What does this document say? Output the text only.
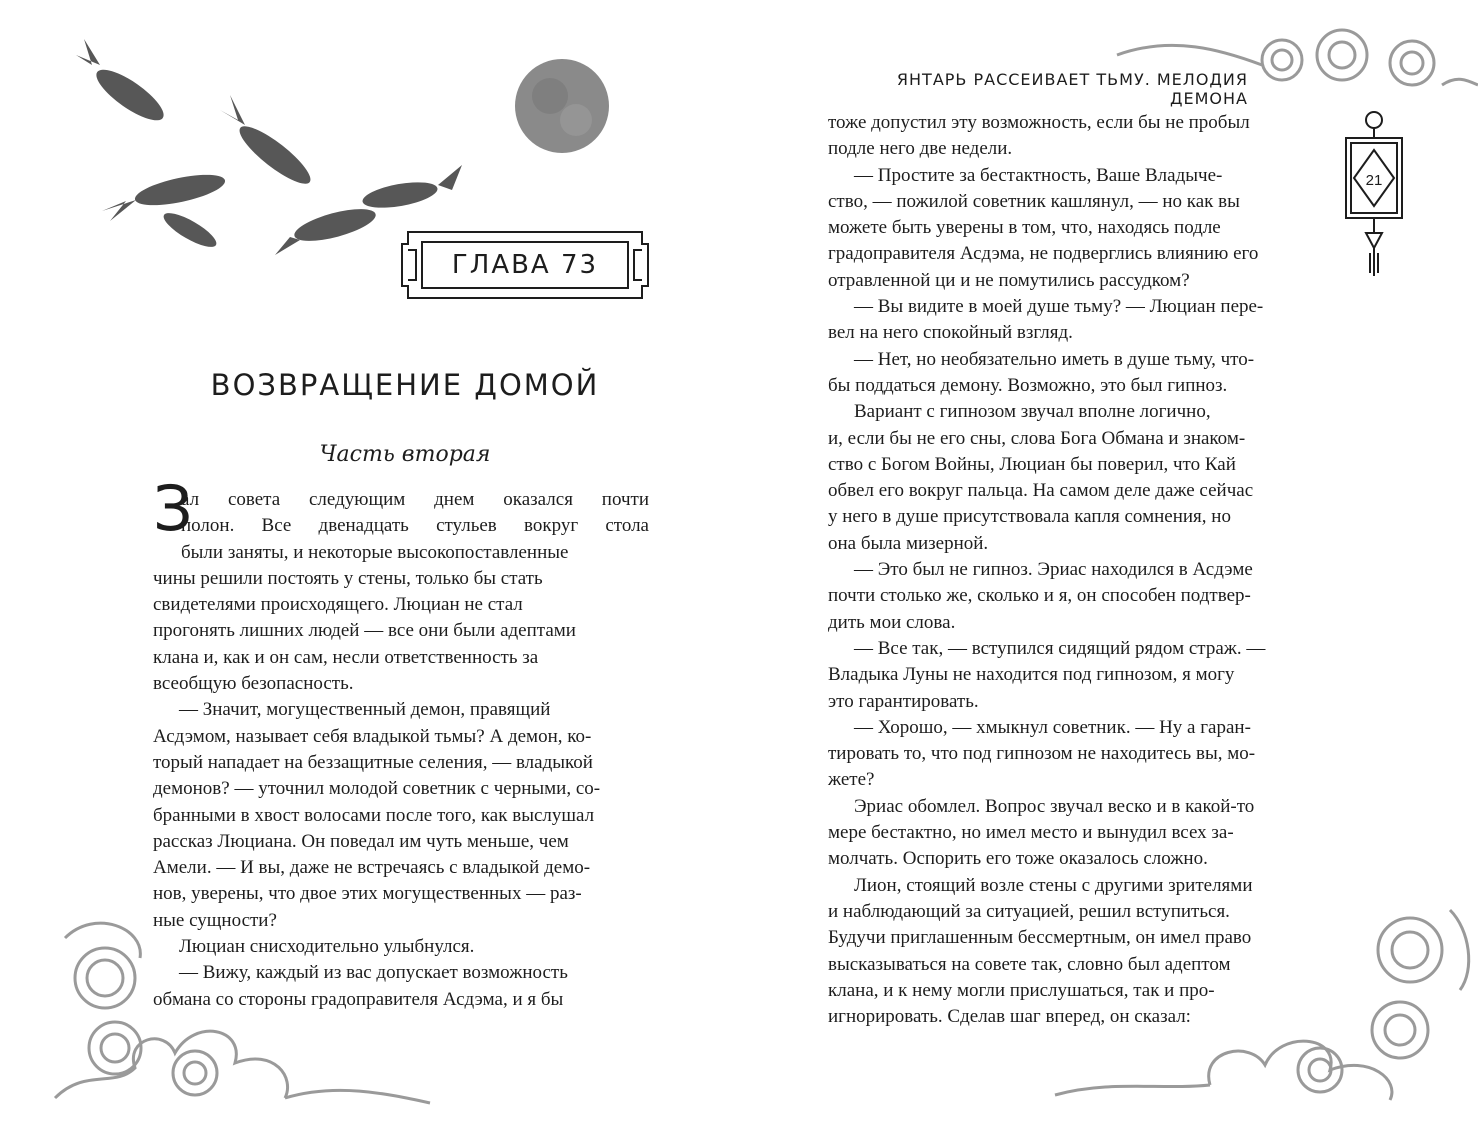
ГЛАВА 73
ВОЗВРАЩЕНИЕ ДОМОЙ
Часть вторая
З
ал совета следующим днем оказался почти
полон. Все двенадцать стульев вокруг стола
были заняты, и некоторые высокопоставленные
чины решили постоять у стены, только бы стать
свидетелями происходящего. Люциан не стал
прогонять лишних людей — все они были адептами
клана и, как и он сам, несли ответственность за
всеобщую безопасность.
— Значит, могущественный демон, правящий
Асдэмом, называет себя владыкой тьмы? А демон, ко-
торый нападает на беззащитные селения, — владыкой
демонов? — уточнил молодой советник с черными, со-
бранными в хвост волосами после того, как выслушал
рассказ Люциана. Он поведал им чуть меньше, чем
Амели. — И вы, даже не встречаясь с владыкой демо-
нов, уверены, что двое этих могущественных — раз-
ные сущности?
Люциан снисходительно улыбнулся.
— Вижу, каждый из вас допускает возможность
обмана со стороны градоправителя Асдэма, и я бы
ЯНТАРЬ РАССЕИВАЕТ ТЬМУ. МЕЛОДИЯ ДЕМОНА
21
тоже допустил эту возможность, если бы не пробыл
подле него две недели.
— Простите за бестактность, Ваше Владыче-
ство, — пожилой советник кашлянул, — но как вы
можете быть уверены в том, что, находясь подле
градоправителя Асдэма, не подверглись влиянию его
отравленной ци и не помутились рассудком?
— Вы видите в моей душе тьму? — Люциан пере-
вел на него спокойный взгляд.
— Нет, но необязательно иметь в душе тьму, что-
бы поддаться демону. Возможно, это был гипноз.
Вариант с гипнозом звучал вполне логично,
и, если бы не его сны, слова Бога Обмана и знаком-
ство с Богом Войны, Люциан бы поверил, что Кай
обвел его вокруг пальца. На самом деле даже сейчас
у него в душе присутствовала капля сомнения, но
она была мизерной.
— Это был не гипноз. Эриас находился в Асдэме
почти столько же, сколько и я, он способен подтвер-
дить мои слова.
— Все так, — вступился сидящий рядом страж. —
Владыка Луны не находится под гипнозом, я могу
это гарантировать.
— Хорошо, — хмыкнул советник. — Ну а гаран-
тировать то, что под гипнозом не находитесь вы, мо-
жете?
Эриас обомлел. Вопрос звучал веско и в какой-то
мере бестактно, но имел место и вынудил всех за-
молчать. Оспорить его тоже оказалось сложно.
Лион, стоящий возле стены с другими зрителями
и наблюдающий за ситуацией, решил вступиться.
Будучи приглашенным бессмертным, он имел право
высказываться на совете так, словно был адептом
клана, и к нему могли прислушаться, так и про-
игнорировать. Сделав шаг вперед, он сказал:
